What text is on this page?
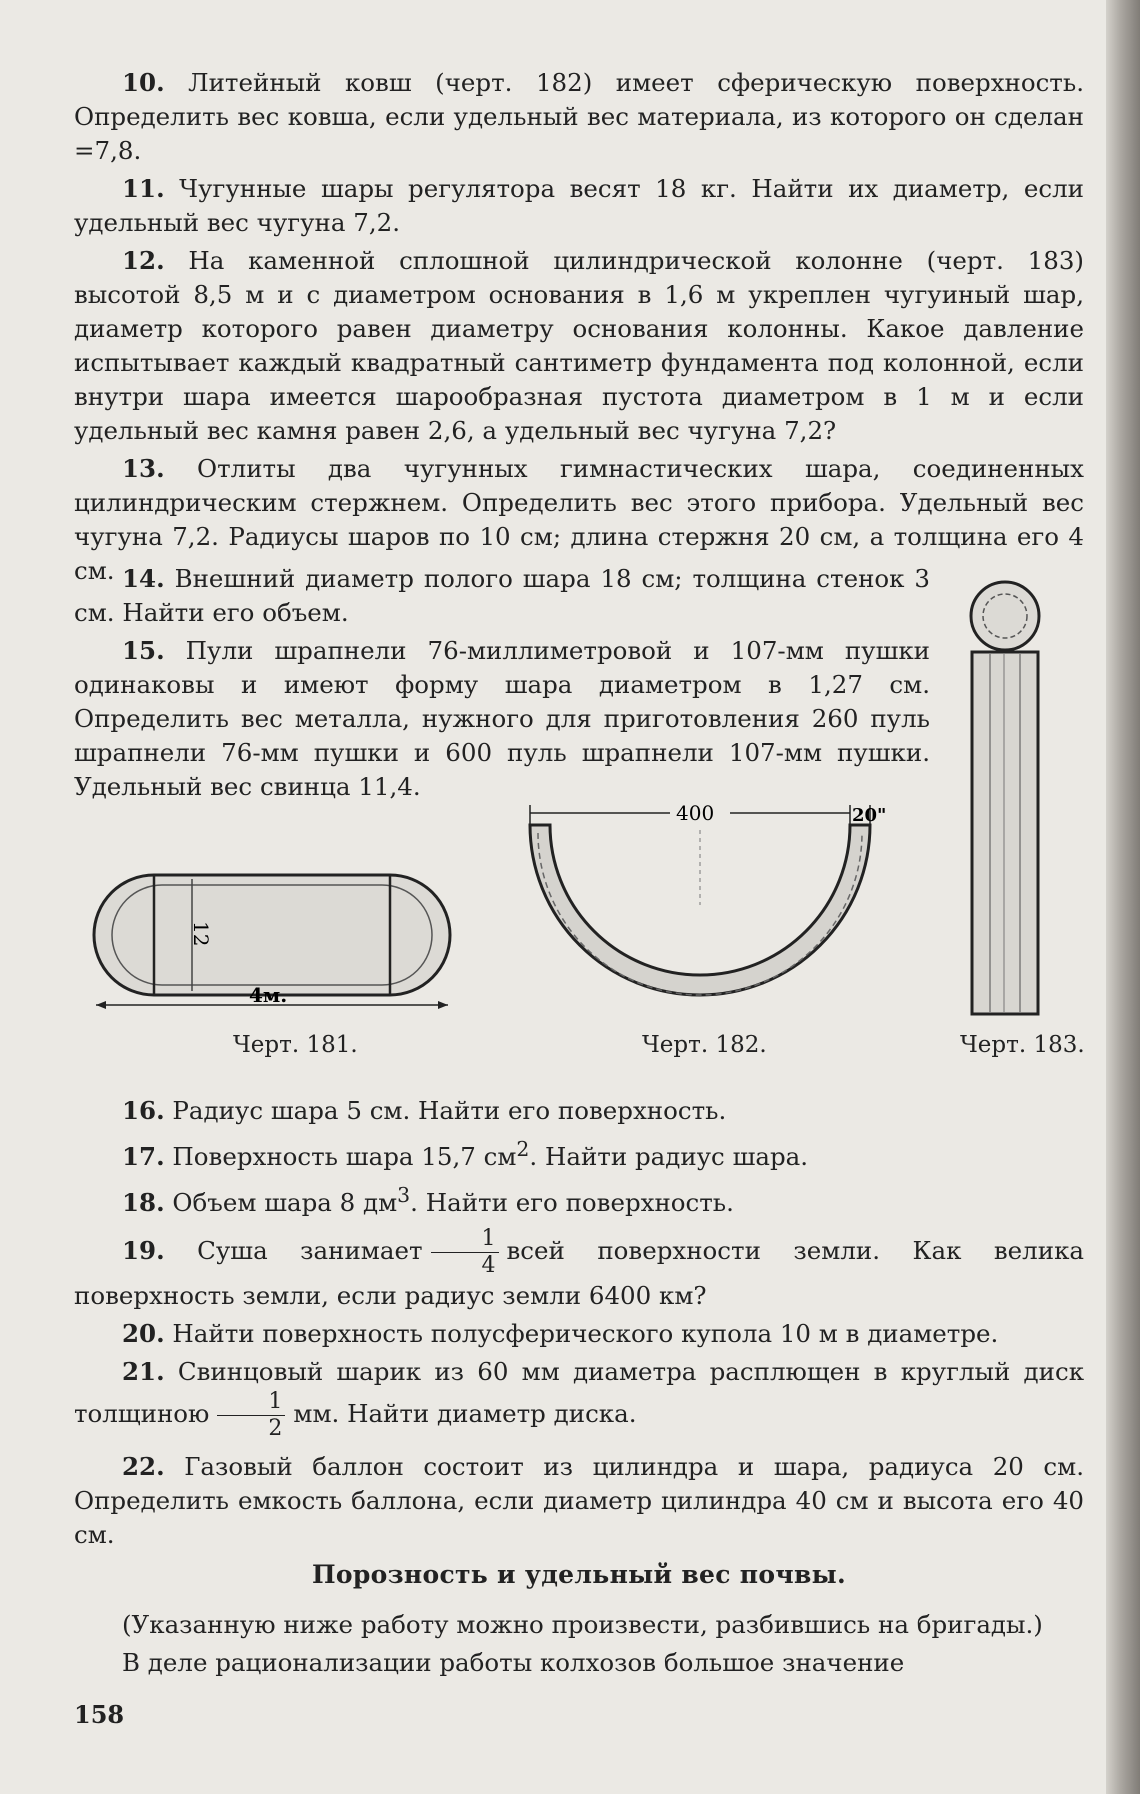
10. Литейный ковш (черт. 182) имеет сферическую поверхность. Определить вес ковша, если удельный вес материала, из которого он сделан =7,8.

11. Чугунные шары регулятора весят 18 кг. Найти их диаметр, если удельный вес чугуна 7,2.

12. На каменной сплошной цилиндрической колонне (черт. 183) высотой 8,5 м и с диаметром основания в 1,6 м укреплен чугуиный шар, диаметр которого равен диаметру основания колонны. Какое давление испытывает каждый квадратный сантиметр фундамента под колонной, если внутри шара имеется шарообразная пустота диаметром в 1 м и если удельный вес камня равен 2,6, а удельный вес чугуна 7,2?

13. Отлиты два чугунных гимнастических шара, соединенных цилиндрическим стержнем. Определить вес этого прибора. Удельный вес чугуна 7,2. Радиусы шаров по 10 см; длина стержня 20 см, а толщина его 4 см. 14. Внешний диаметр полого шара 18 см; толщина стенок 3 см. Найти его объем.

15. Пули шрапнели 76-миллиметровой и 107-мм пушки одинаковы и имеют форму шара диаметром в 1,27 см. Определить вес металла, нужного для приготовления 260 пуль шрапнели 76-мм пушки и 600 пуль шрапнели 107-мм пушки. Удельный вес свинца 11,4.

4м.
12
400	20"
Черт. 181.	Черт. 182.	Черт. 183.

16. Радиус шара 5 см. Найти его поверхность.

17. Поверхность шара 15,7 $см^2$. Найти радиус шара.

18. Объем шара 8 $дм^3$. Найти его поверхность.

19. Суша занимает $\frac{1}{4}$ всей поверхности земли. Как велика поверхность земли, если радиус земли 6400 км?

20. Найти поверхность полусферического купола 10 м в диаметре.

21. Свинцовый шарик из 60 мм диаметра расплющен в круглый диск толщиною $\frac{1}{2}$ мм. Найти диаметр диска.

22. Газовый баллон состоит из цилиндра и шара, радиуса 20 см. Определить емкость баллона, если диаметр цилиндра 40 см и высота его 40 см.

Порозность и удельный вес почвы.

(Указанную ниже работу можно произвести, разбившись на бригады.)

В деле рационализации работы колхозов большое значение

158
